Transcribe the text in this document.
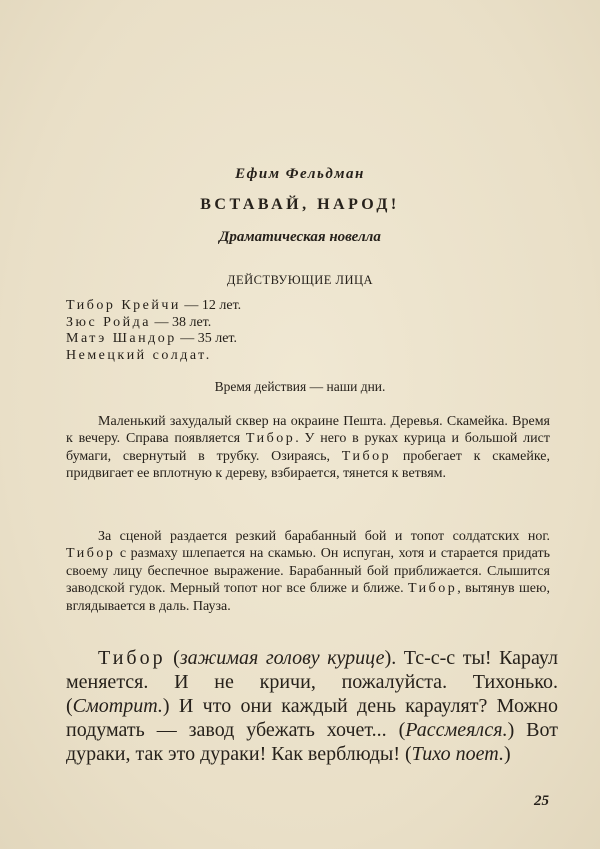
Ефим Фельдман
ВСТАВАЙ, НАРОД!
Драматическая новелла
ДЕЙСТВУЮЩИЕ ЛИЦА
Тибор Крейчи — 12 лет.
Зюс Ройда — 38 лет.
Матэ Шандор — 35 лет.
Немецкий солдат.
Время действия — наши дни.

Маленький захудалый сквер на окраине Пешта. Деревья. Скамейка. Время к вечеру. Справа появляется Тибор. У него в руках курица и большой лист бумаги, свернутый в трубку. Озираясь, Тибор пробегает к скамейке, придвигает ее вплотную к дереву, взбирается, тянется к ветвям.

За сценой раздается резкий барабанный бой и топот солдатских ног. Тибор с размаху шлепается на скамью. Он испуган, хотя и старается придать своему лицу беспечное выражение. Барабанный бой приближается. Слышится заводской гудок. Мерный топот ног все ближе и ближе. Тибор, вытянув шею, вглядывается в даль. Пауза.

Тибор (зажимая голову курице). Тс-с-с ты! Караул меняется. И не кричи, пожалуйста. Тихонько. (Смотрит.) И что они каждый день караулят? Можно подумать — завод убежать хочет... (Рассмеялся.) Вот дураки, так это дураки! Как верблюды! (Тихо поет.)

25
